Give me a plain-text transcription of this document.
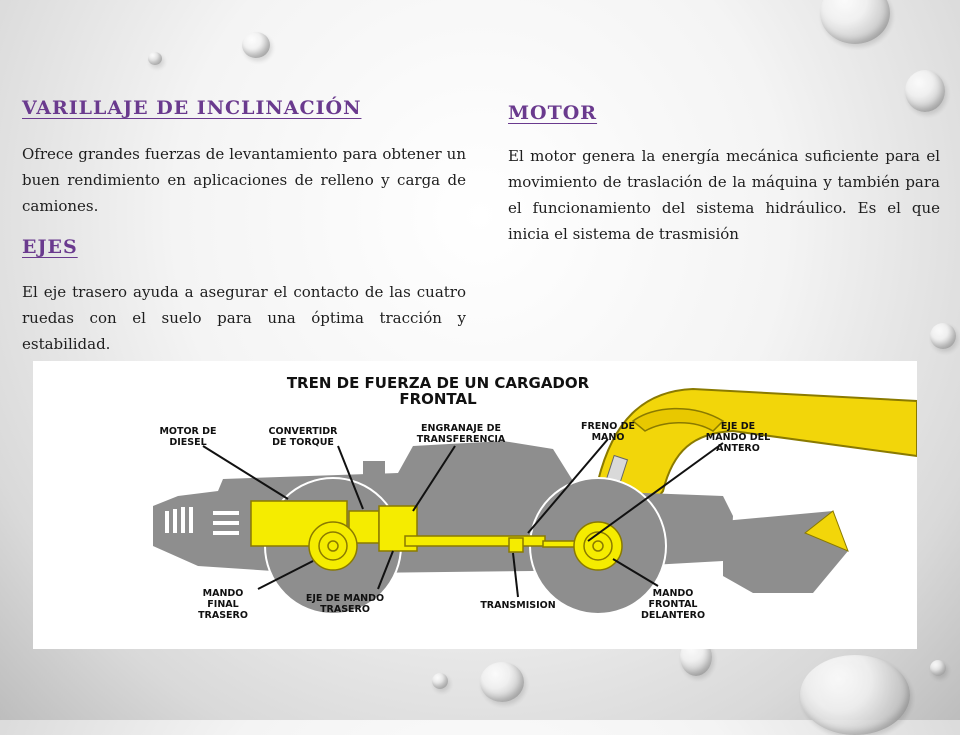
VARILLAJE DE INCLINACIÓN

Ofrece grandes fuerzas de levantamiento para obtener un buen rendimiento en aplicaciones de relleno y carga de camiones.

EJES

El eje trasero ayuda a asegurar el contacto de las cuatro ruedas con el suelo para una óptima tracción y estabilidad.

MOTOR

El motor genera la energía mecánica suficiente para el movimiento de traslación de la máquina y también para el funcionamiento del sistema hidráulico. Es el que inicia el sistema de trasmisión

TREN DE FUERZA DE UN CARGADOR
FRONTAL
MOTOR DE
DIESEL
CONVERTIDR
DE TORQUE
ENGRANAJE DE
TRANSFERENCIA
FRENO DE
MANO
EJE DE
MANDO DEL
ANTERO
MANDO
FINAL
TRASERO
EJE DE MANDO
TRASERO	TRANSMISION
MANDO
FRONTAL
DELANTERO
